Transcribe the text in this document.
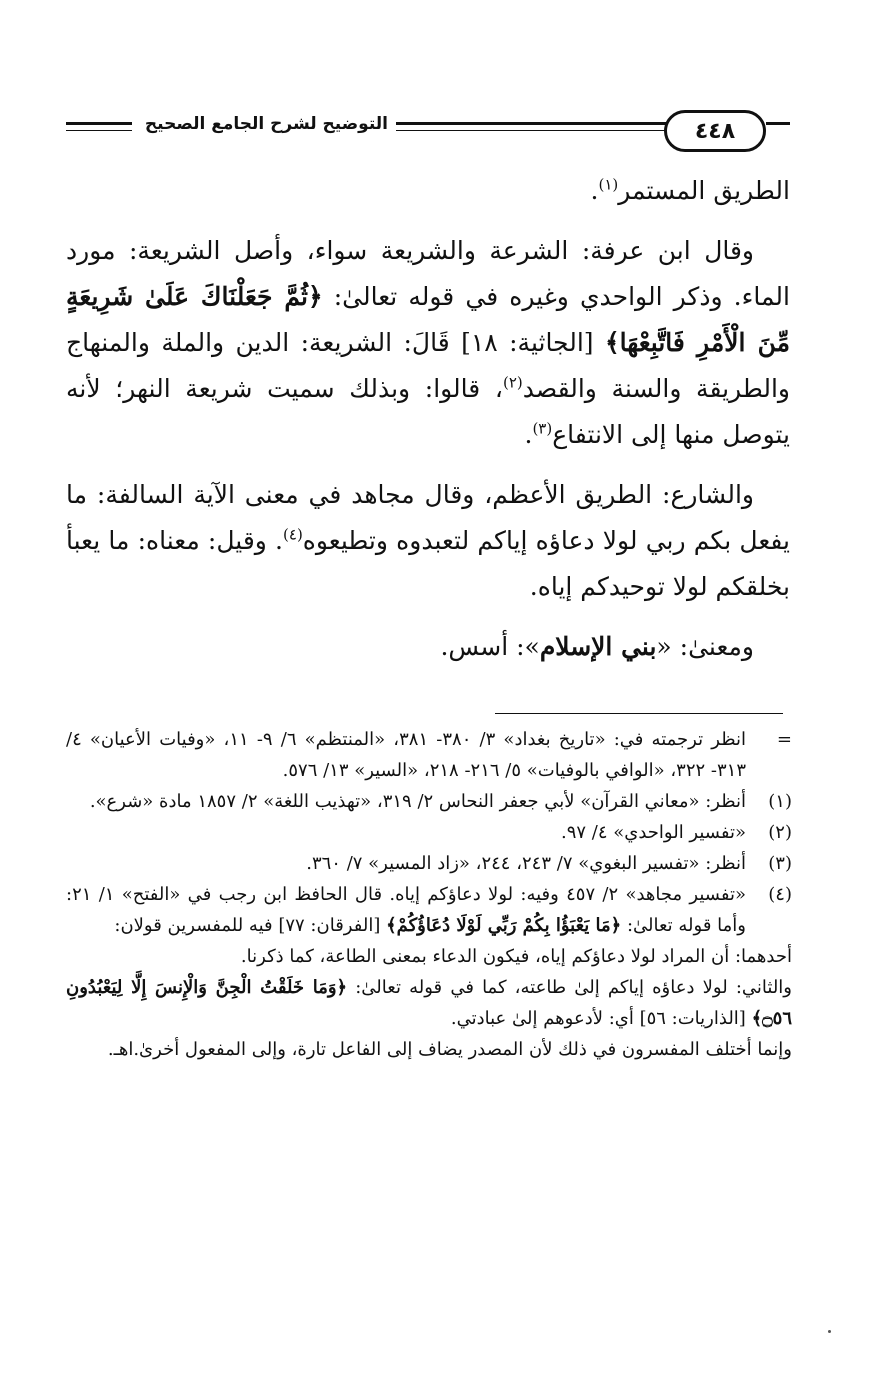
التوضيح لشرح الجامع الصحيح	٤٤٨

الطريق المستمر$^{(١)}$.

وقال ابن عرفة: الشرعة والشريعة سواء، وأصل الشريعة: مورد الماء. وذكر الواحدي وغيره في قوله تعالىٰ: ﴿ثُمَّ جَعَلْنَاكَ عَلَىٰ شَرِيعَةٍ مِّنَ الْأَمْرِ فَاتَّبِعْهَا﴾ [الجاثية: ١٨] قَالَ: الشريعة: الدين والملة والمنهاج والطريقة والسنة والقصد$^{(٢)}$، قالوا: وبذلك سميت شريعة النهر؛ لأنه يتوصل منها إلى الانتفاع$^{(٣)}$.

والشارع: الطريق الأعظم، وقال مجاهد في معنى الآية السالفة: ما يفعل بكم ربي لولا دعاؤه إياكم لتعبدوه وتطيعوه$^{(٤)}$. وقيل: معناه: ما يعبأ بخلقكم لولا توحيدكم إياه.

ومعنىٰ: «بني الإسلام»: أسس.

=
انظر ترجمته في: «تاريخ بغداد» ٣/ ٣٨٠- ٣٨١، «المنتظم» ٦/ ٩- ١١، «وفيات الأعيان» ٤/ ٣١٣- ٣٢٢، «الوافي بالوفيات» ٥/ ٢١٦- ٢١٨، «السير» ١٣/ ٥٧٦.
(١)
أنظر: «معاني القرآن» لأبي جعفر النحاس ٢/ ٣١٩، «تهذيب اللغة» ٢/ ١٨٥٧ مادة «شرع».
(٢)
«تفسير الواحدي» ٤/ ٩٧.
(٣)
أنظر: «تفسير البغوي» ٧/ ٢٤٣، ٢٤٤، «زاد المسير» ٧/ ٣٦٠.
(٤)
«تفسير مجاهد» ٢/ ٤٥٧ وفيه: لولا دعاؤكم إياه. قال الحافظ ابن رجب في «الفتح» ١/ ٢١: وأما قوله تعالىٰ: ﴿مَا يَعْبَؤُا بِكُمْ رَبِّي لَوْلَا دُعَاؤُكُمْ﴾ [الفرقان: ٧٧] فيه للمفسرين قولان:
أحدهما: أن المراد لولا دعاؤكم إياه، فيكون الدعاء بمعنى الطاعة، كما ذكرنا.
والثاني: لولا دعاؤه إياكم إلىٰ طاعته، كما في قوله تعالىٰ: ﴿وَمَا خَلَقْتُ الْجِنَّ وَالْإِنسَ إِلَّا لِيَعْبُدُونِ ۝٥٦﴾ [الذاريات: ٥٦] أي: لأدعوهم إلىٰ عبادتي.
وإنما أختلف المفسرون في ذلك لأن المصدر يضاف إلى الفاعل تارة، وإلى المفعول أخرىٰ.اهـ.
